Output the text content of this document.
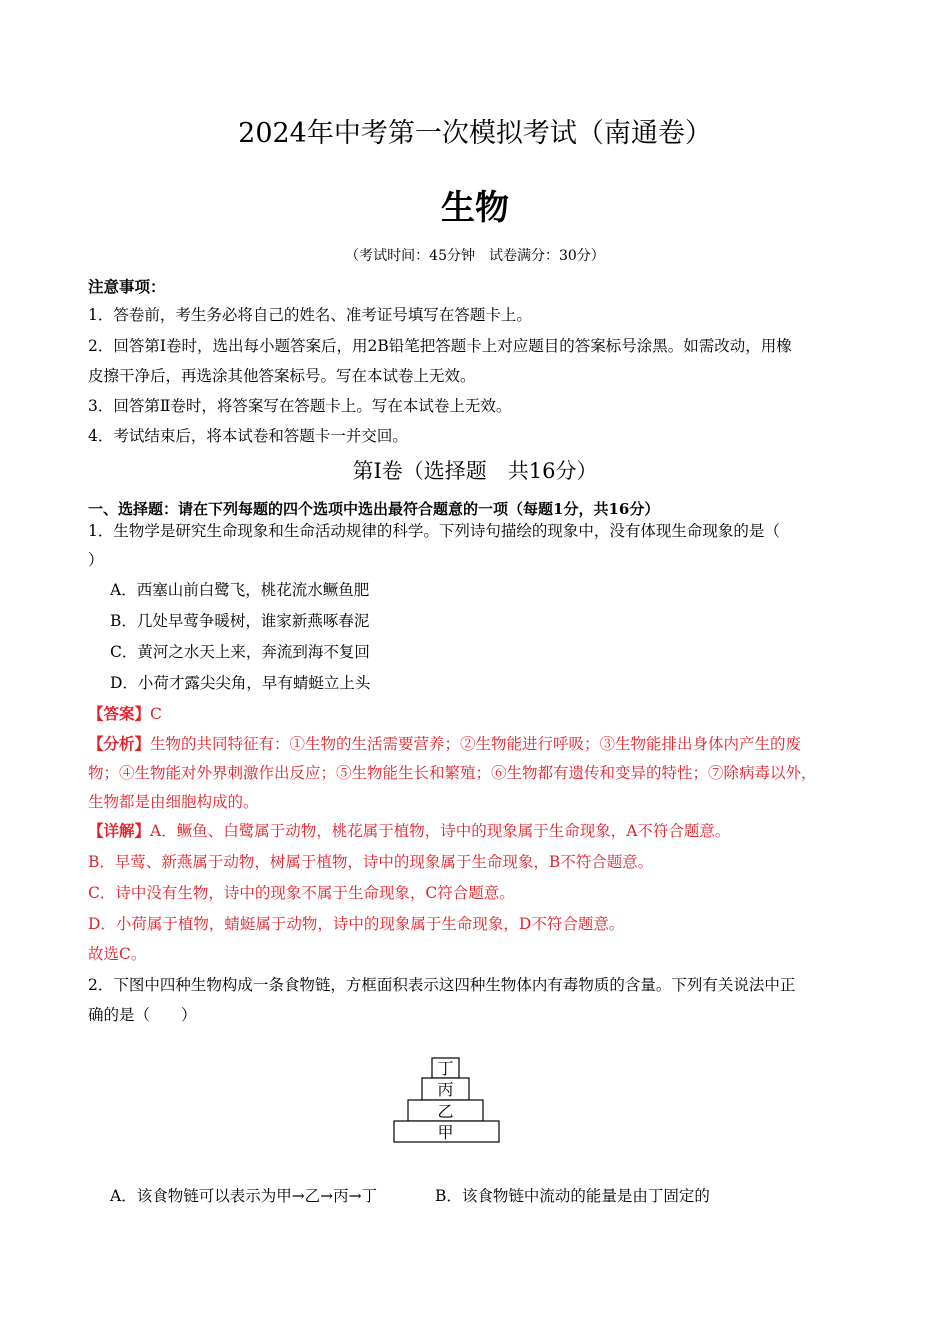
2024年中考第一次模拟考试（南通卷）
生物
（考试时间：45分钟　试卷满分：30分）
注意事项：
1．答卷前，考生务必将自己的姓名、准考证号填写在答题卡上。
2．回答第Ⅰ卷时，选出每小题答案后，用2B铅笔把答题卡上对应题目的答案标号涂黑。如需改动，用橡
皮擦干净后，再选涂其他答案标号。写在本试卷上无效。
3．回答第Ⅱ卷时，将答案写在答题卡上。写在本试卷上无效。
4．考试结束后，将本试卷和答题卡一并交回。
第Ⅰ卷（选择题　共16分）
一、选择题：请在下列每题的四个选项中选出最符合题意的一项（每题1分，共16分）
1．生物学是研究生命现象和生命活动规律的科学。下列诗句描绘的现象中，没有体现生命现象的是（
）
A．西塞山前白鹭飞，桃花流水鳜鱼肥
B．几处早莺争暖树，谁家新燕啄春泥
C．黄河之水天上来，奔流到海不复回
D．小荷才露尖尖角，早有蜻蜓立上头
【答案】C
【分析】生物的共同特征有：①生物的生活需要营养；②生物能进行呼吸；③生物能排出身体内产生的废
物；④生物能对外界刺激作出反应；⑤生物能生长和繁殖；⑥生物都有遗传和变异的特性；⑦除病毒以外，
生物都是由细胞构成的。
【详解】A．鳜鱼、白鹭属于动物，桃花属于植物，诗中的现象属于生命现象，A不符合题意。
B．早莺、新燕属于动物，树属于植物，诗中的现象属于生命现象，B不符合题意。
C．诗中没有生物，诗中的现象不属于生命现象，C符合题意。
D．小荷属于植物，蜻蜓属于动物，诗中的现象属于生命现象，D不符合题意。
故选C。
2．下图中四种生物构成一条食物链，方框面积表示这四种生物体内有毒物质的含量。下列有关说法中正
确的是（　　）
丁
丙
乙
甲
A．该食物链可以表示为甲→乙→丙→丁	B．该食物链中流动的能量是由丁固定的
